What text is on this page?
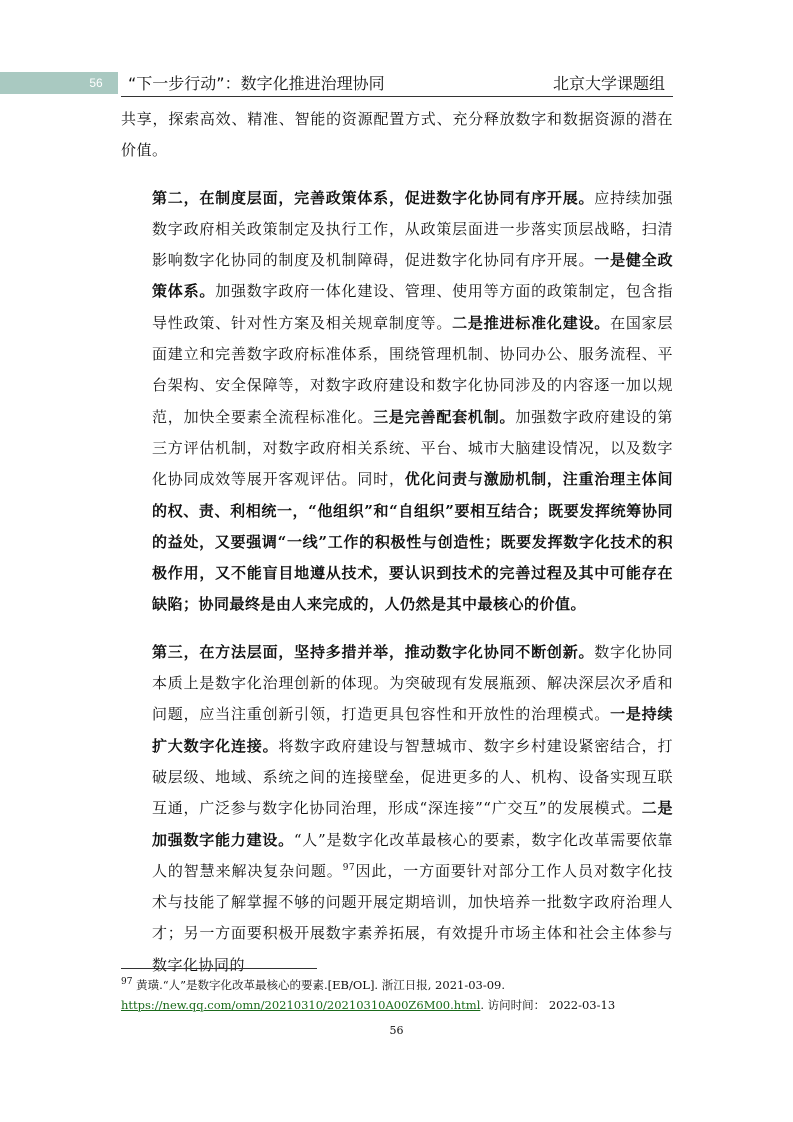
56	“下一步行动”：数字化推进治理协同	北京大学课题组

共享，探索高效、精准、智能的资源配置方式、充分释放数字和数据资源的潜在价值。

第二，在制度层面，完善政策体系，促进数字化协同有序开展。应持续加强数字政府相关政策制定及执行工作，从政策层面进一步落实顶层战略，扫清影响数字化协同的制度及机制障碍，促进数字化协同有序开展。一是健全政策体系。加强数字政府一体化建设、管理、使用等方面的政策制定，包含指导性政策、针对性方案及相关规章制度等。二是推进标准化建设。在国家层面建立和完善数字政府标准体系，围绕管理机制、协同办公、服务流程、平台架构、安全保障等，对数字政府建设和数字化协同涉及的内容逐一加以规范，加快全要素全流程标准化。三是完善配套机制。加强数字政府建设的第三方评估机制，对数字政府相关系统、平台、城市大脑建设情况，以及数字化协同成效等展开客观评估。同时，优化问责与激励机制，注重治理主体间的权、责、利相统一，“他组织”和“自组织”要相互结合；既要发挥统筹协同的益处，又要强调“一线”工作的积极性与创造性；既要发挥数字化技术的积极作用，又不能盲目地遵从技术，要认识到技术的完善过程及其中可能存在缺陷；协同最终是由人来完成的，人仍然是其中最核心的价值。

第三，在方法层面，坚持多措并举，推动数字化协同不断创新。数字化协同本质上是数字化治理创新的体现。为突破现有发展瓶颈、解决深层次矛盾和问题，应当注重创新引领，打造更具包容性和开放性的治理模式。一是持续扩大数字化连接。将数字政府建设与智慧城市、数字乡村建设紧密结合，打破层级、地域、系统之间的连接壁垒，促进更多的人、机构、设备实现互联互通，广泛参与数字化协同治理，形成“深连接”“广交互”的发展模式。二是加强数字能力建设。“人”是数字化改革最核心的要素，数字化改革需要依靠人的智慧来解决复杂问题。$^{97}$因此，一方面要针对部分工作人员对数字化技术与技能了解掌握不够的问题开展定期培训，加快培养一批数字政府治理人才；另一方面要积极开展数字素养拓展，有效提升市场主体和社会主体参与数字化协同的

$^{97}$ 黄璜.“人”是数字化改革最核心的要素.[EB/OL]. 浙江日报, 2021-03-09.
https://new.qq.com/omn/20210310/20210310A00Z6M00.html. 访问时间： 2022-03-13
56
